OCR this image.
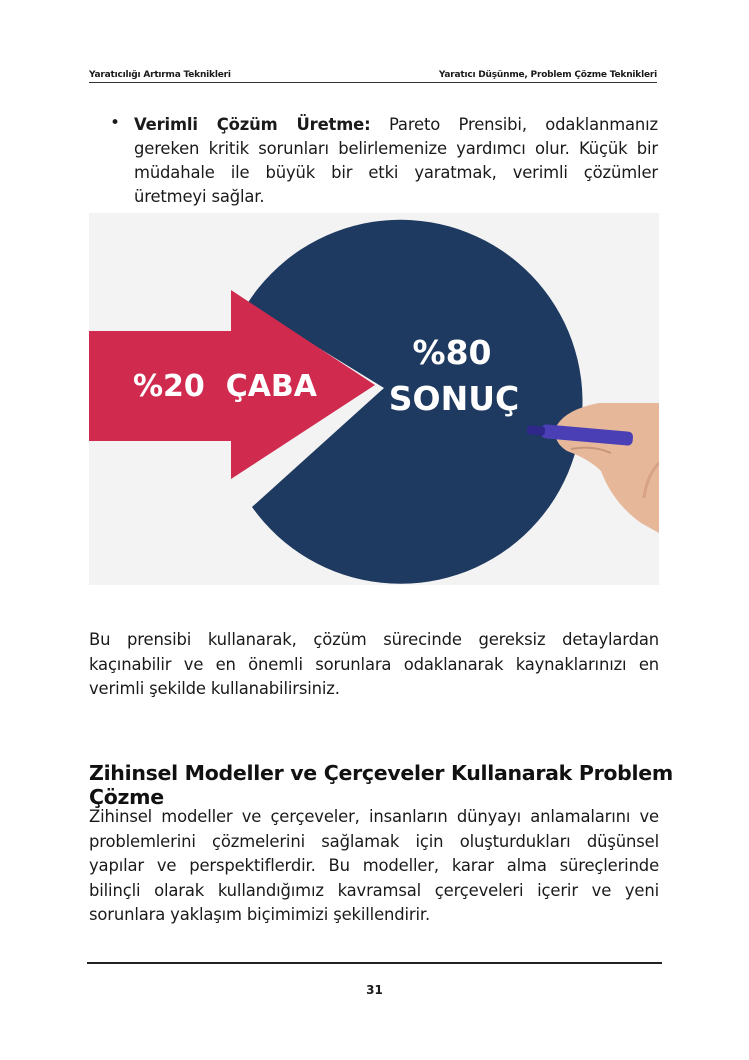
Yaratıcılığı Artırma Teknikleri	Yaratıcı Düşünme, Problem Çözme Teknikleri
• Verimli Çözüm Üretme: Pareto Prensibi, odaklanmanız gereken kritik sorunları belirlemenize yardımcı olur. Küçük bir müdahale ile büyük bir etki yaratmak, verimli çözümler üretmeyi sağlar.
%20  ÇABA
%80
SONUÇ
Bu prensibi kullanarak, çözüm sürecinde gereksiz detaylardan kaçınabilir ve en önemli sorunlara odaklanarak kaynaklarınızı en verimli şekilde kullanabilirsiniz.
Zihinsel Modeller ve Çerçeveler Kullanarak Problem Çözme
Zihinsel modeller ve çerçeveler, insanların dünyayı anlamalarını ve problemlerini çözmelerini sağlamak için oluşturdukları düşünsel yapılar ve perspektiflerdir. Bu modeller, karar alma süreçlerinde bilinçli olarak kullandığımız kavramsal çerçeveleri içerir ve yeni sorunlara yaklaşım biçimimizi şekillendirir.
31
